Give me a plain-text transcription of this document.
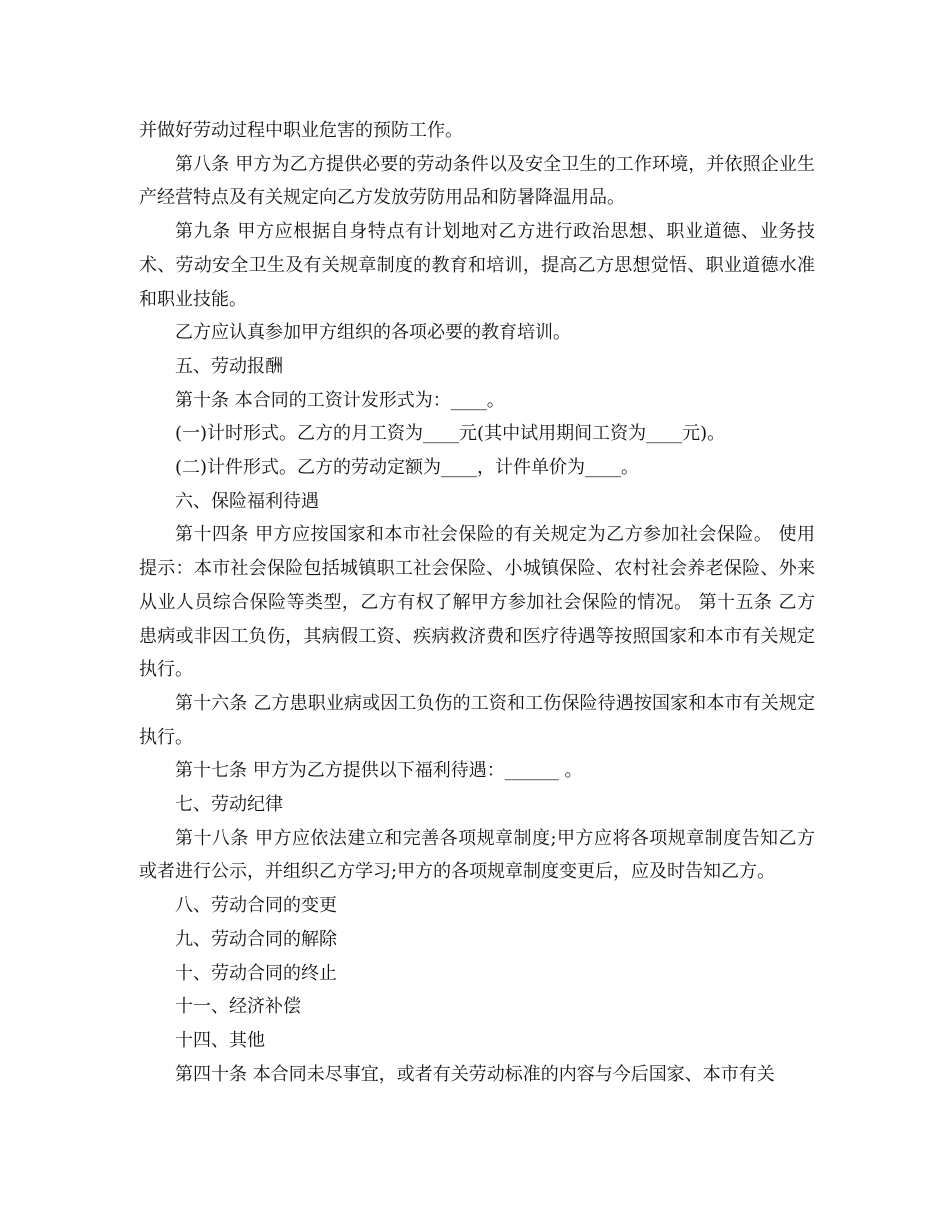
并做好劳动过程中职业危害的预防工作。

第八条 甲方为乙方提供必要的劳动条件以及安全卫生的工作环境，并依照企业生产经营特点及有关规定向乙方发放劳防用品和防暑降温用品。

第九条 甲方应根据自身特点有计划地对乙方进行政治思想、职业道德、业务技术、劳动安全卫生及有关规章制度的教育和培训，提高乙方思想觉悟、职业道德水准和职业技能。

乙方应认真参加甲方组织的各项必要的教育培训。

五、劳动报酬

第十条 本合同的工资计发形式为：____。

(一)计时形式。乙方的月工资为____元(其中试用期间工资为____元)。

(二)计件形式。乙方的劳动定额为____，计件单价为____。

六、保险福利待遇

第十四条 甲方应按国家和本市社会保险的有关规定为乙方参加社会保险。 使用提示：本市社会保险包括城镇职工社会保险、小城镇保险、农村社会养老保险、外来从业人员综合保险等类型，乙方有权了解甲方参加社会保险的情况。 第十五条 乙方患病或非因工负伤，其病假工资、疾病救济费和医疗待遇等按照国家和本市有关规定执行。

第十六条 乙方患职业病或因工负伤的工资和工伤保险待遇按国家和本市有关规定执行。

第十七条 甲方为乙方提供以下福利待遇：______ 。

七、劳动纪律

第十八条 甲方应依法建立和完善各项规章制度;甲方应将各项规章制度告知乙方或者进行公示，并组织乙方学习;甲方的各项规章制度变更后，应及时告知乙方。

八、劳动合同的变更

九、劳动合同的解除

十、劳动合同的终止

十一、经济补偿

十四、其他

第四十条 本合同未尽事宜，或者有关劳动标准的内容与今后国家、本市有关
